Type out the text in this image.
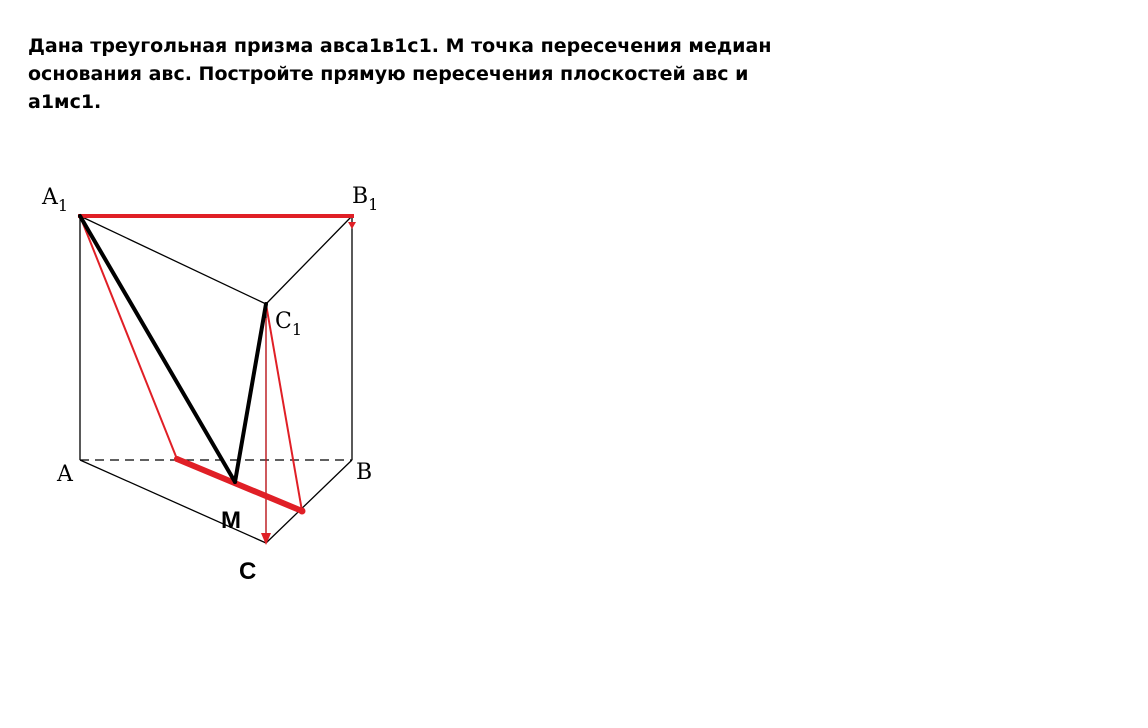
Дана треугольная призма авса1в1с1. М точка пересечения медиан
основания авс. Постройте прямую пересечения плоскостей авс и
а1мс1.
$A_1$	$B_1$
$C_1$
A	B
M
C
